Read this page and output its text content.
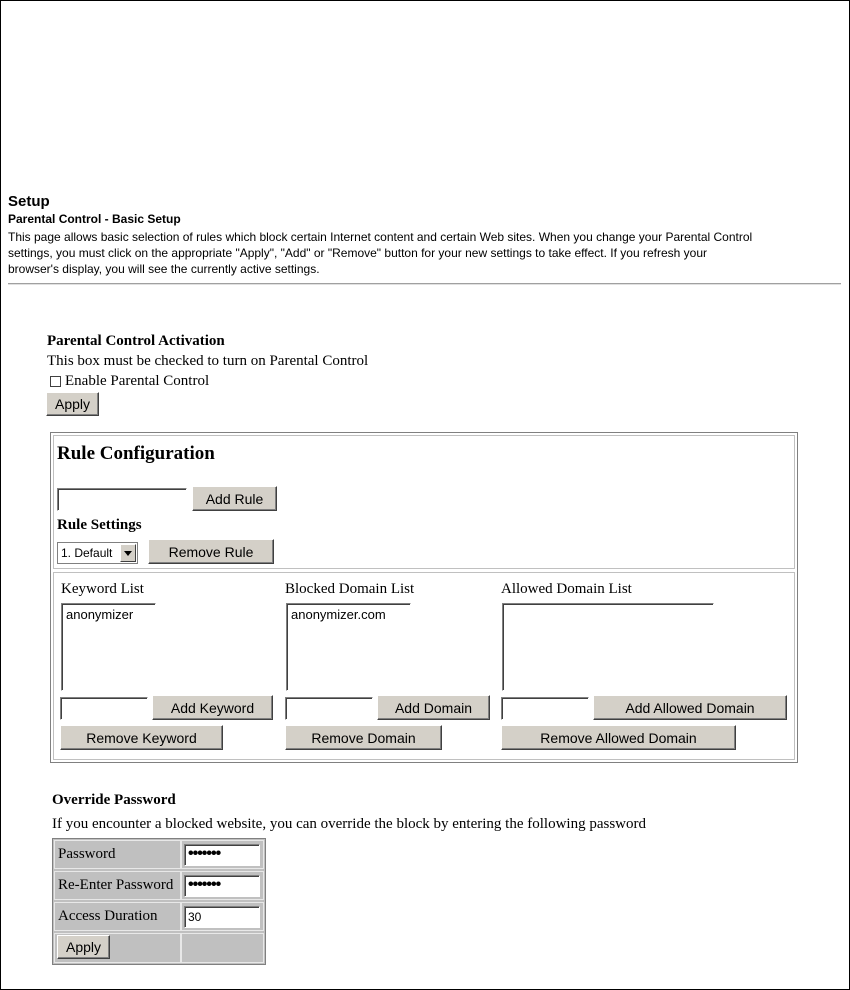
Setup
Parental Control - Basic Setup
This page allows basic selection of rules which block certain Internet content and certain Web sites. When you change your Parental Control
settings, you must click on the appropriate "Apply", "Add" or "Remove" button for your new settings to take effect. If you refresh your
browser's display, you will see the currently active settings.
Parental Control Activation
This box must be checked to turn on Parental Control
Enable Parental Control
Apply
Rule Configuration
Add Rule
Rule Settings
1. Default	Remove Rule
Keyword List
anonymizer
Add Keyword
Remove Keyword
Blocked Domain List
anonymizer.com
Add Domain
Remove Domain
Allowed Domain List
Add Allowed Domain
Remove Allowed Domain
Override Password
If you encounter a blocked website, you can override the block by entering the following password
Password	•••••••
Re-Enter Password •••••••
Access Duration	30
Apply
